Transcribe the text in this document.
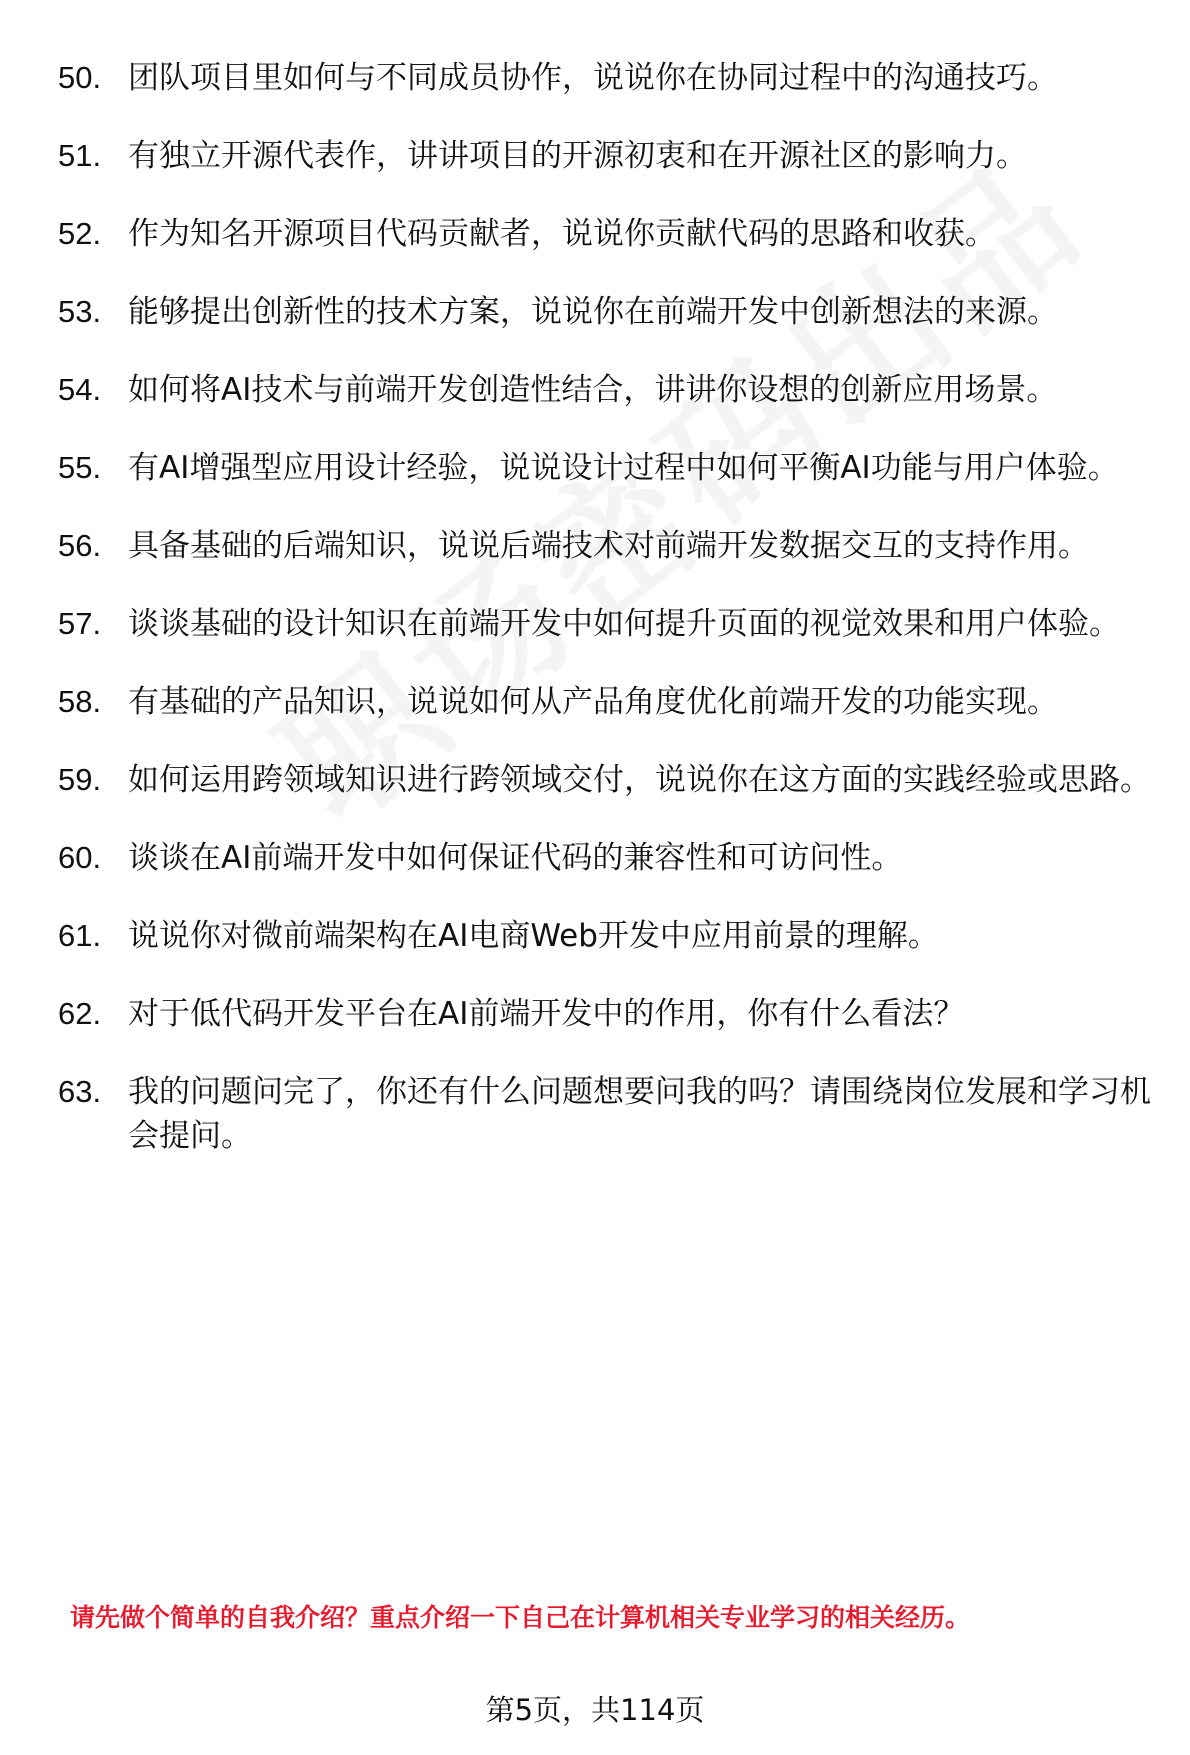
50. 团队项目里如何与不同成员协作，说说你在协同过程中的沟通技巧。
51. 有独立开源代表作，讲讲项目的开源初衷和在开源社区的影响力。
52. 作为知名开源项目代码贡献者，说说你贡献代码的思路和收获。
53. 能够提出创新性的技术方案，说说你在前端开发中创新想法的来源。
54. 如何将AI技术与前端开发创造性结合，讲讲你设想的创新应用场景。
55. 有AI增强型应用设计经验，说说设计过程中如何平衡AI功能与用户体验。
56. 具备基础的后端知识，说说后端技术对前端开发数据交互的支持作用。
57. 谈谈基础的设计知识在前端开发中如何提升页面的视觉效果和用户体验。
58. 有基础的产品知识，说说如何从产品角度优化前端开发的功能实现。
59. 如何运用跨领域知识进行跨领域交付，说说你在这方面的实践经验或思路。
60. 谈谈在AI前端开发中如何保证代码的兼容性和可访问性。
61. 说说你对微前端架构在AI电商Web开发中应用前景的理解。
62. 对于低代码开发平台在AI前端开发中的作用，你有什么看法？
63. 我的问题问完了，你还有什么问题想要问我的吗？请围绕岗位发展和学习机会提问。
请先做个简单的自我介绍？重点介绍一下自己在计算机相关专业学习的相关经历。
第5页，共114页
